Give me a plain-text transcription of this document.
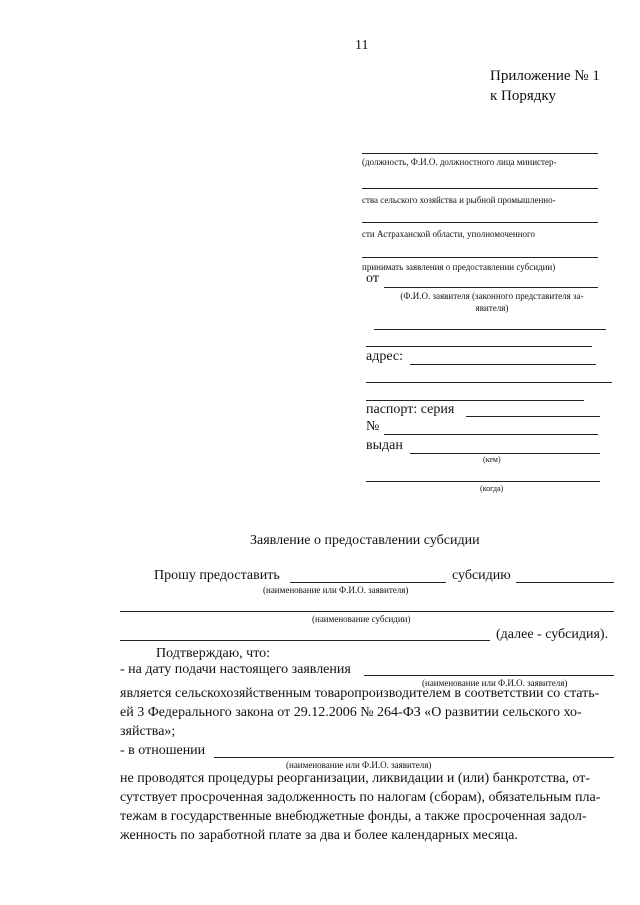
11
Приложение № 1
к Порядку
(должность, Ф.И.О. должностного лица министер-
ства сельского хозяйства и рыбной промышленно-
сти Астраханской области, уполномоченного
принимать заявления о предоставлении субсидии)
от
(Ф.И.О. заявителя (законного представителя за-
явителя)
адрес:
паспорт: серия
№
выдан
(кем)
(когда)
Заявление о предоставлении субсидии
Прошу предоставить	субсидию
(наименование или Ф.И.О. заявителя)
(наименование субсидии)
(далее - субсидия).
Подтверждаю, что:
- на дату подачи настоящего заявления
(наименование или Ф.И.О. заявителя)
является сельскохозяйственным товаропроизводителем в соответствии со стать-
ей 3 Федерального закона от 29.12.2006 № 264-ФЗ «О развитии сельского хо-
зяйства»;
- в отношении
(наименование или Ф.И.О. заявителя)
не проводятся процедуры реорганизации, ликвидации и (или) банкротства, от-
сутствует просроченная задолженность по налогам (сборам), обязательным пла-
тежам в государственные внебюджетные фонды, а также просроченная задол-
женность по заработной плате за два и более календарных месяца.
